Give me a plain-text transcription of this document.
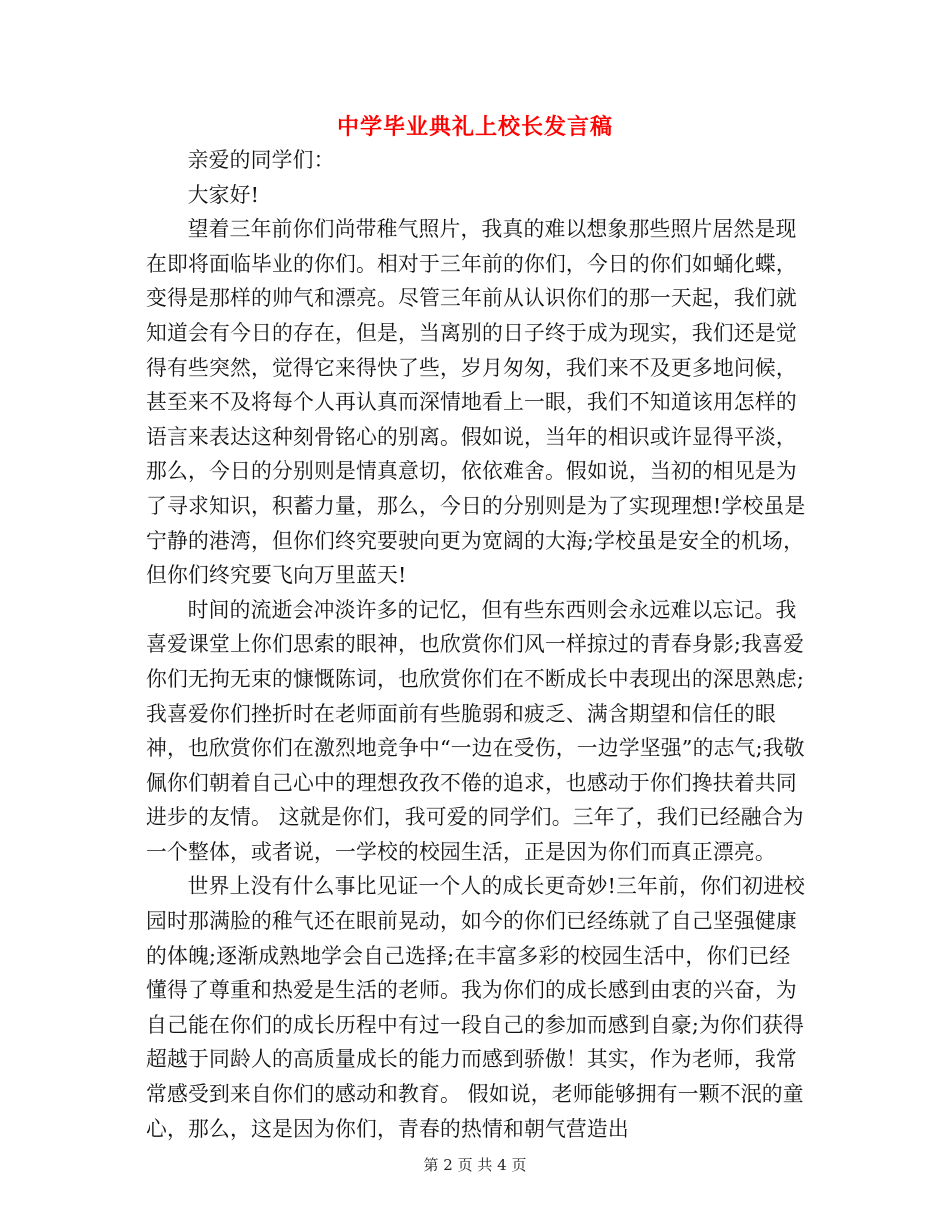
中学毕业典礼上校长发言稿

亲爱的同学们：

大家好!

望着三年前你们尚带稚气照片，我真的难以想象那些照片居然是现在即将面临毕业的你们。相对于三年前的你们，今日的你们如蛹化蝶，变得是那样的帅气和漂亮。尽管三年前从认识你们的那一天起，我们就知道会有今日的存在，但是，当离别的日子终于成为现实，我们还是觉得有些突然，觉得它来得快了些，岁月匆匆，我们来不及更多地问候，甚至来不及将每个人再认真而深情地看上一眼，我们不知道该用怎样的语言来表达这种刻骨铭心的别离。假如说，当年的相识或许显得平淡，那么，今日的分别则是情真意切，依依难舍。假如说，当初的相见是为了寻求知识，积蓄力量，那么，今日的分别则是为了实现理想!学校虽是宁静的港湾，但你们终究要驶向更为宽阔的大海;学校虽是安全的机场，但你们终究要飞向万里蓝天!

时间的流逝会冲淡许多的记忆，但有些东西则会永远难以忘记。我喜爱课堂上你们思索的眼神，也欣赏你们风一样掠过的青春身影;我喜爱你们无拘无束的慷慨陈词，也欣赏你们在不断成长中表现出的深思熟虑;我喜爱你们挫折时在老师面前有些脆弱和疲乏、满含期望和信任的眼神，也欣赏你们在激烈地竞争中“一边在受伤，一边学坚强”的志气;我敬佩你们朝着自己心中的理想孜孜不倦的追求，也感动于你们搀扶着共同进步的友情。 这就是你们，我可爱的同学们。三年了，我们已经融合为一个整体，或者说，一学校的校园生活，正是因为你们而真正漂亮。

世界上没有什么事比见证一个人的成长更奇妙!三年前，你们初进校园时那满脸的稚气还在眼前晃动，如今的你们已经练就了自己坚强健康的体魄;逐渐成熟地学会自己选择;在丰富多彩的校园生活中，你们已经懂得了尊重和热爱是生活的老师。我为你们的成长感到由衷的兴奋，为自己能在你们的成长历程中有过一段自己的参加而感到自豪;为你们获得超越于同龄人的高质量成长的能力而感到骄傲！其实，作为老师，我常常感受到来自你们的感动和教育。 假如说，老师能够拥有一颗不泯的童心，那么，这是因为你们，青春的热情和朝气营造出

第 2 页 共 4 页
